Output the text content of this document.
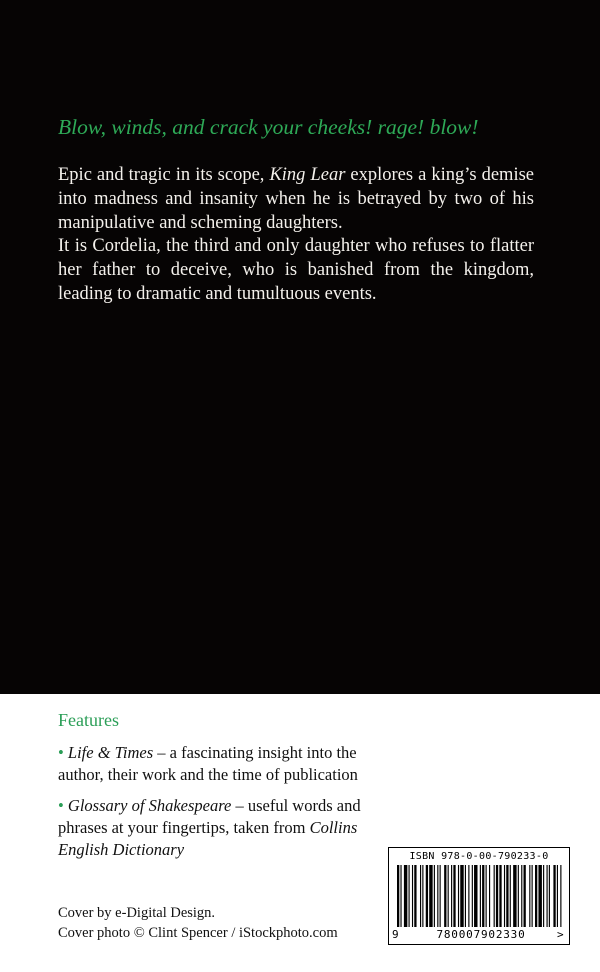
Blow, winds, and crack your cheeks! rage! blow!

Epic and tragic in its scope, King Lear explores a king’s demise into madness and insanity when he is betrayed by two of his manipulative and scheming daughters.

It is Cordelia, the third and only daughter who refuses to flatter her father to deceive, who is banished from the kingdom, leading to dramatic and tumultuous events.

Features

• Life & Times – a fascinating insight into the author, their work and the time of publication

• Glossary of Shakespeare – useful words and phrases at your fingertips, taken from Collins English Dictionary

Cover by e-Digital Design.
Cover photo © Clint Spencer / iStockphoto.com

ISBN 978-0-00-790233-0

9	780007902330	>
